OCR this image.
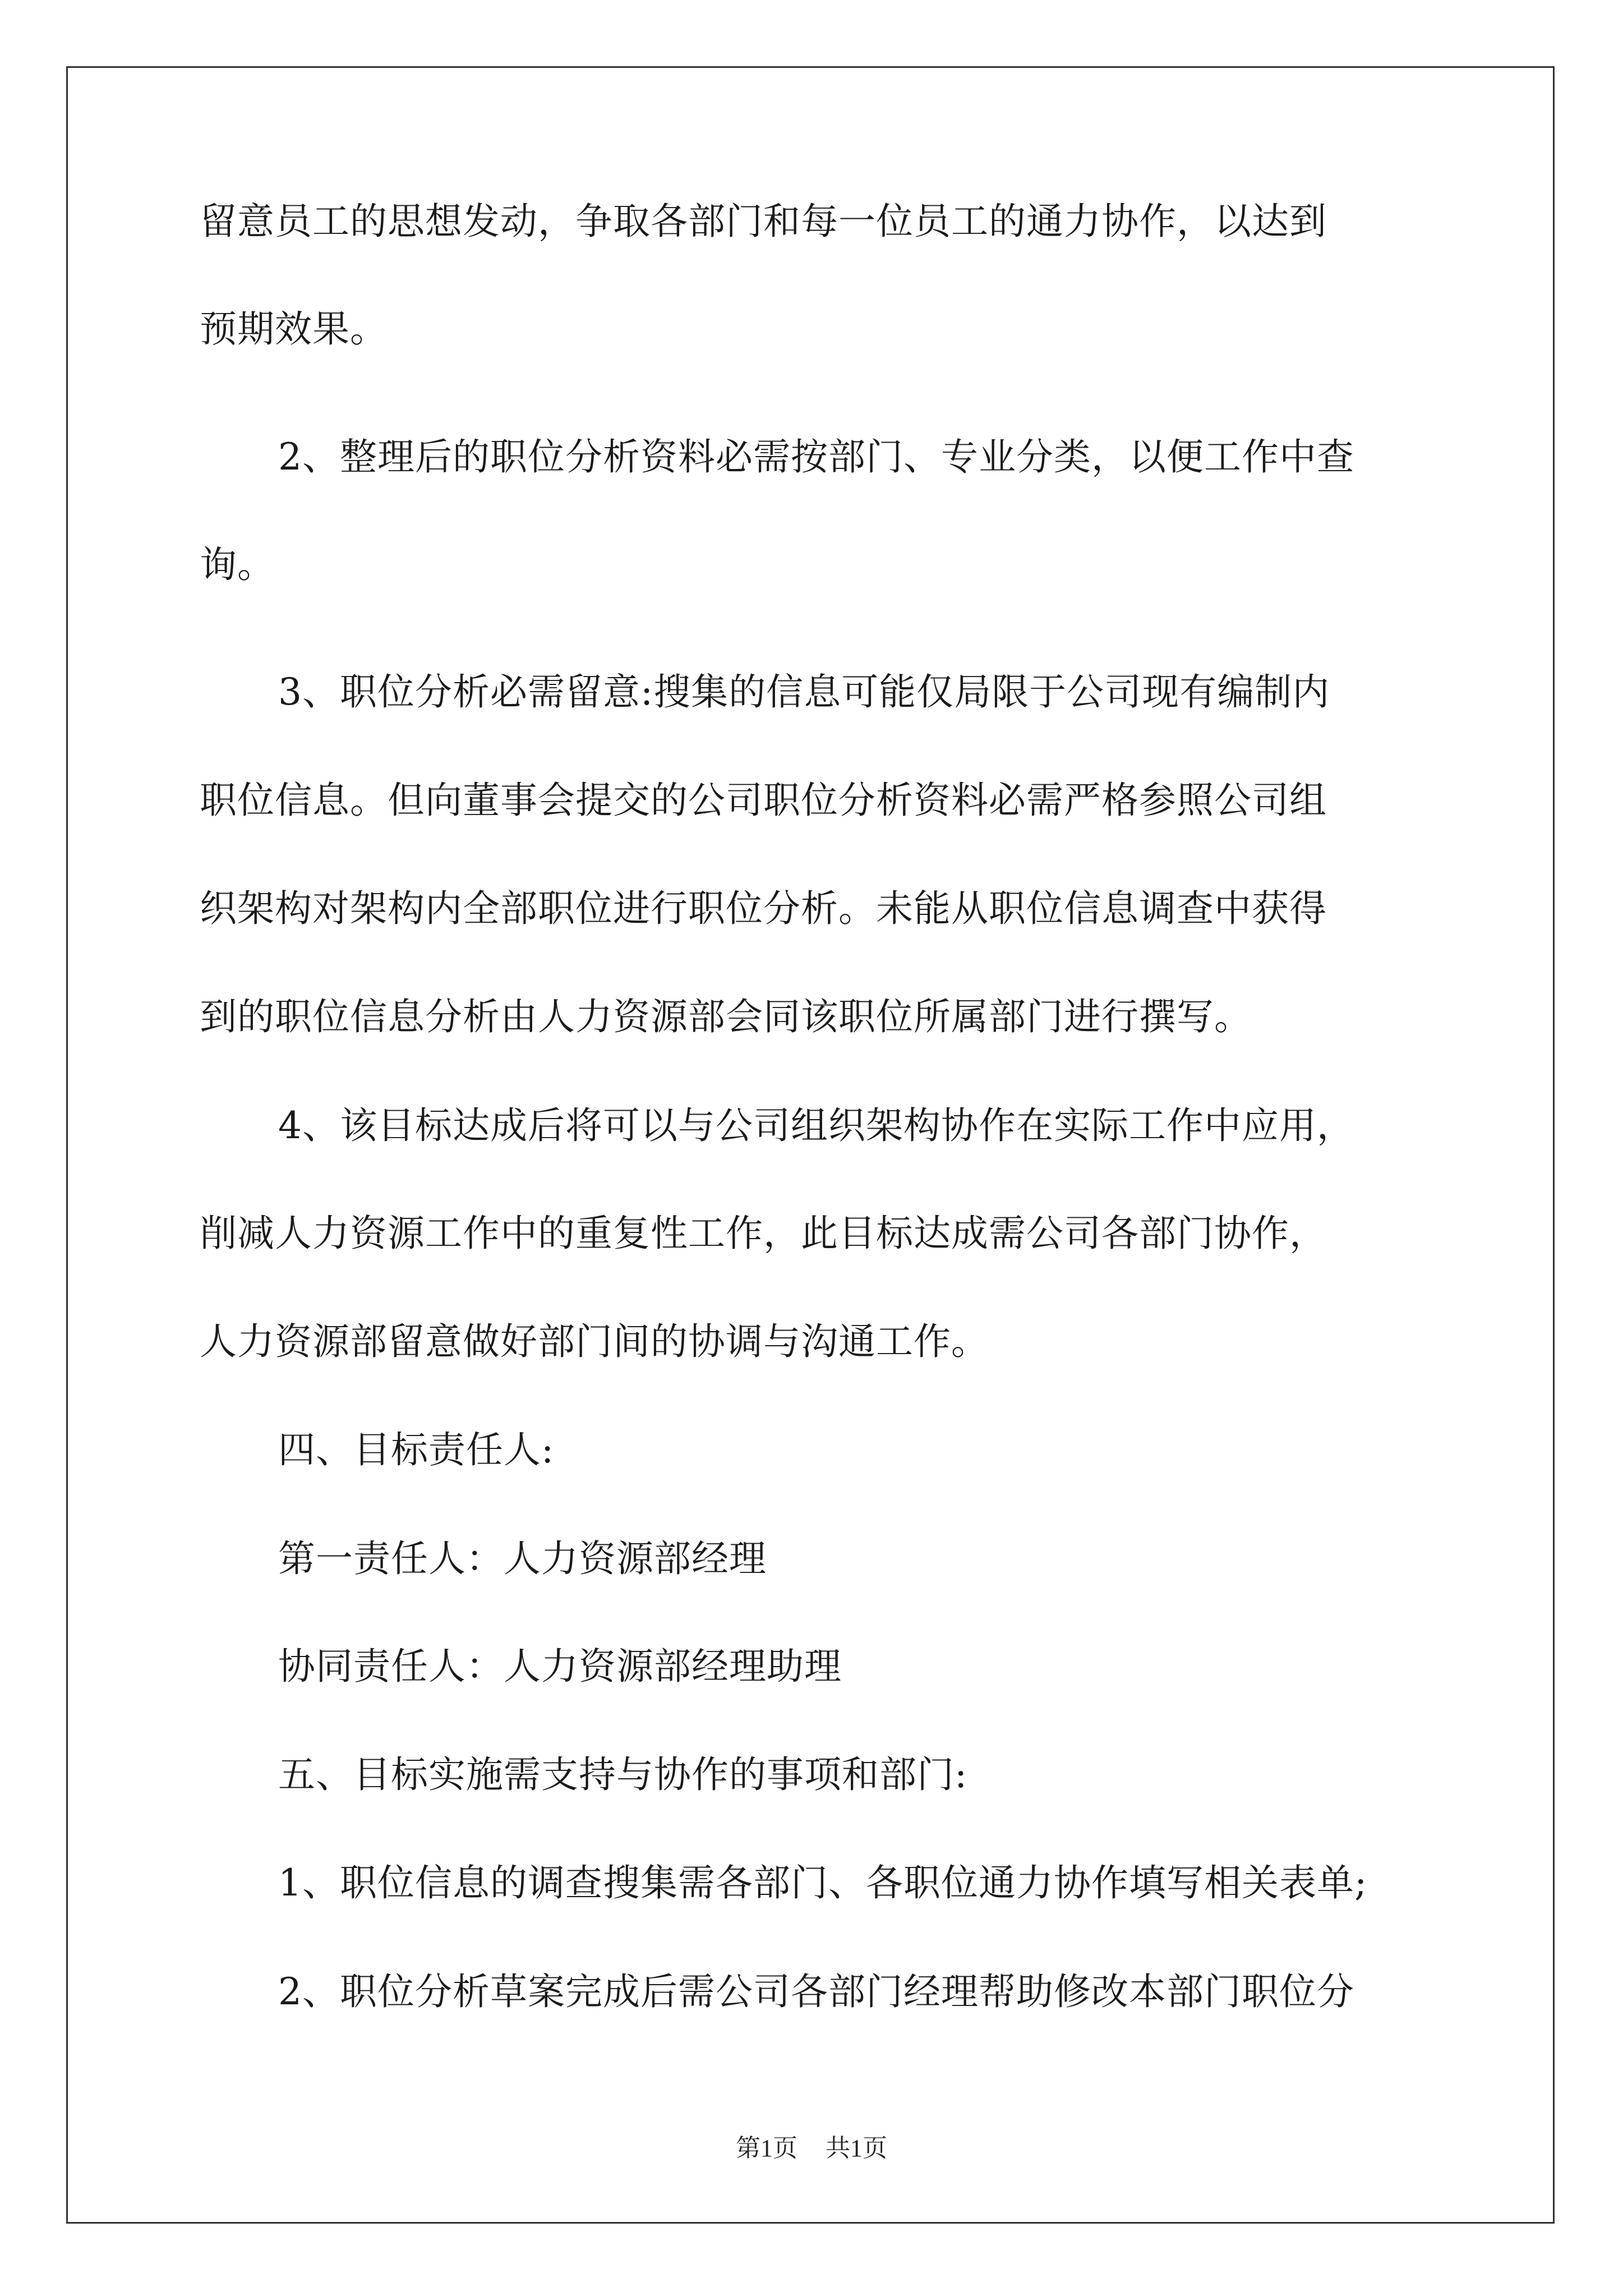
留意员工的思想发动，争取各部门和每一位员工的通力协作，以达到
预期效果。
2、整理后的职位分析资料必需按部门、专业分类，以便工作中查
询。
3、职位分析必需留意:搜集的信息可能仅局限于公司现有编制内
职位信息。但向董事会提交的公司职位分析资料必需严格参照公司组
织架构对架构内全部职位进行职位分析。未能从职位信息调查中获得
到的职位信息分析由人力资源部会同该职位所属部门进行撰写。
4、该目标达成后将可以与公司组织架构协作在实际工作中应用，
削减人力资源工作中的重复性工作，此目标达成需公司各部门协作，
人力资源部留意做好部门间的协调与沟通工作。
四、目标责任人:
第一责任人：人力资源部经理
协同责任人：人力资源部经理助理
五、目标实施需支持与协作的事项和部门:
1、职位信息的调查搜集需各部门、各职位通力协作填写相关表单;
2、职位分析草案完成后需公司各部门经理帮助修改本部门职位分
第1页 共1页
